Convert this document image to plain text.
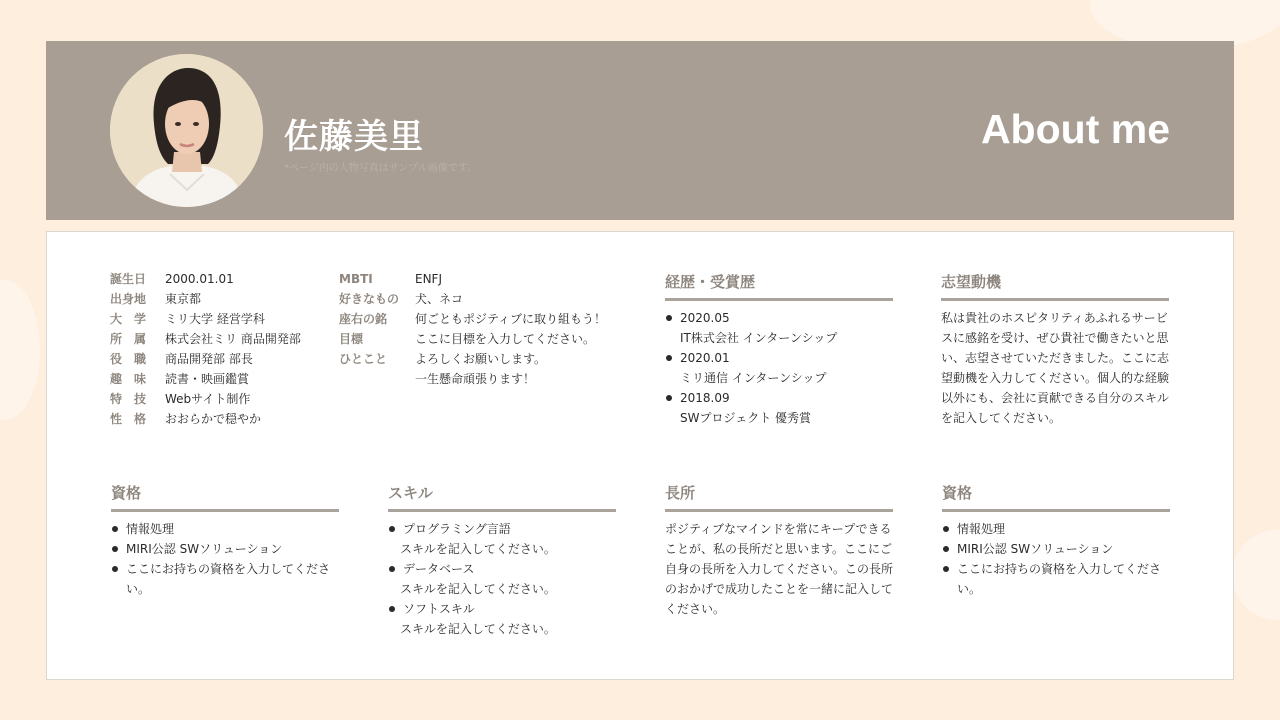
佐藤美里
*ページ内の人物写真はサンプル画像です。
About me
誕生日	2000.01.01
出身地	東京都
大　学	ミリ大学 経営学科
所　属	株式会社ミリ 商品開発部
役　職	商品開発部 部長
趣　味	読書・映画鑑賞
特　技	Webサイト制作
性　格	おおらかで穏やか
MBTI	ENFJ
好きなもの	犬、ネコ
座右の銘	何ごともポジティブに取り組もう！
目標	ここに目標を入力してください。
ひとこと	よろしくお願いします。
一生懸命頑張ります！
経歴・受賞歴
2020.05
IT株式会社 インターンシップ
2020.01
ミリ通信 インターンシップ
2018.09
SWプロジェクト 優秀賞
志望動機

私は貴社のホスピタリティあふれるサービスに感銘を受け、ぜひ貴社で働きたいと思い、志望させていただきました。ここに志望動機を入力してください。個人的な経験以外にも、会社に貢献できる自分のスキルを記入してください。

資格
情報処理
MIRI公認 SWソリューション
ここにお持ちの資格を入力してください。
スキル
プログラミング言語
スキルを記入してください。
データベース
スキルを記入してください。
ソフトスキル
スキルを記入してください。
長所

ポジティブなマインドを常にキープできることが、私の長所だと思います。ここにご自身の長所を入力してください。この長所のおかげで成功したことを一緒に記入してください。

資格
情報処理
MIRI公認 SWソリューション
ここにお持ちの資格を入力してください。
